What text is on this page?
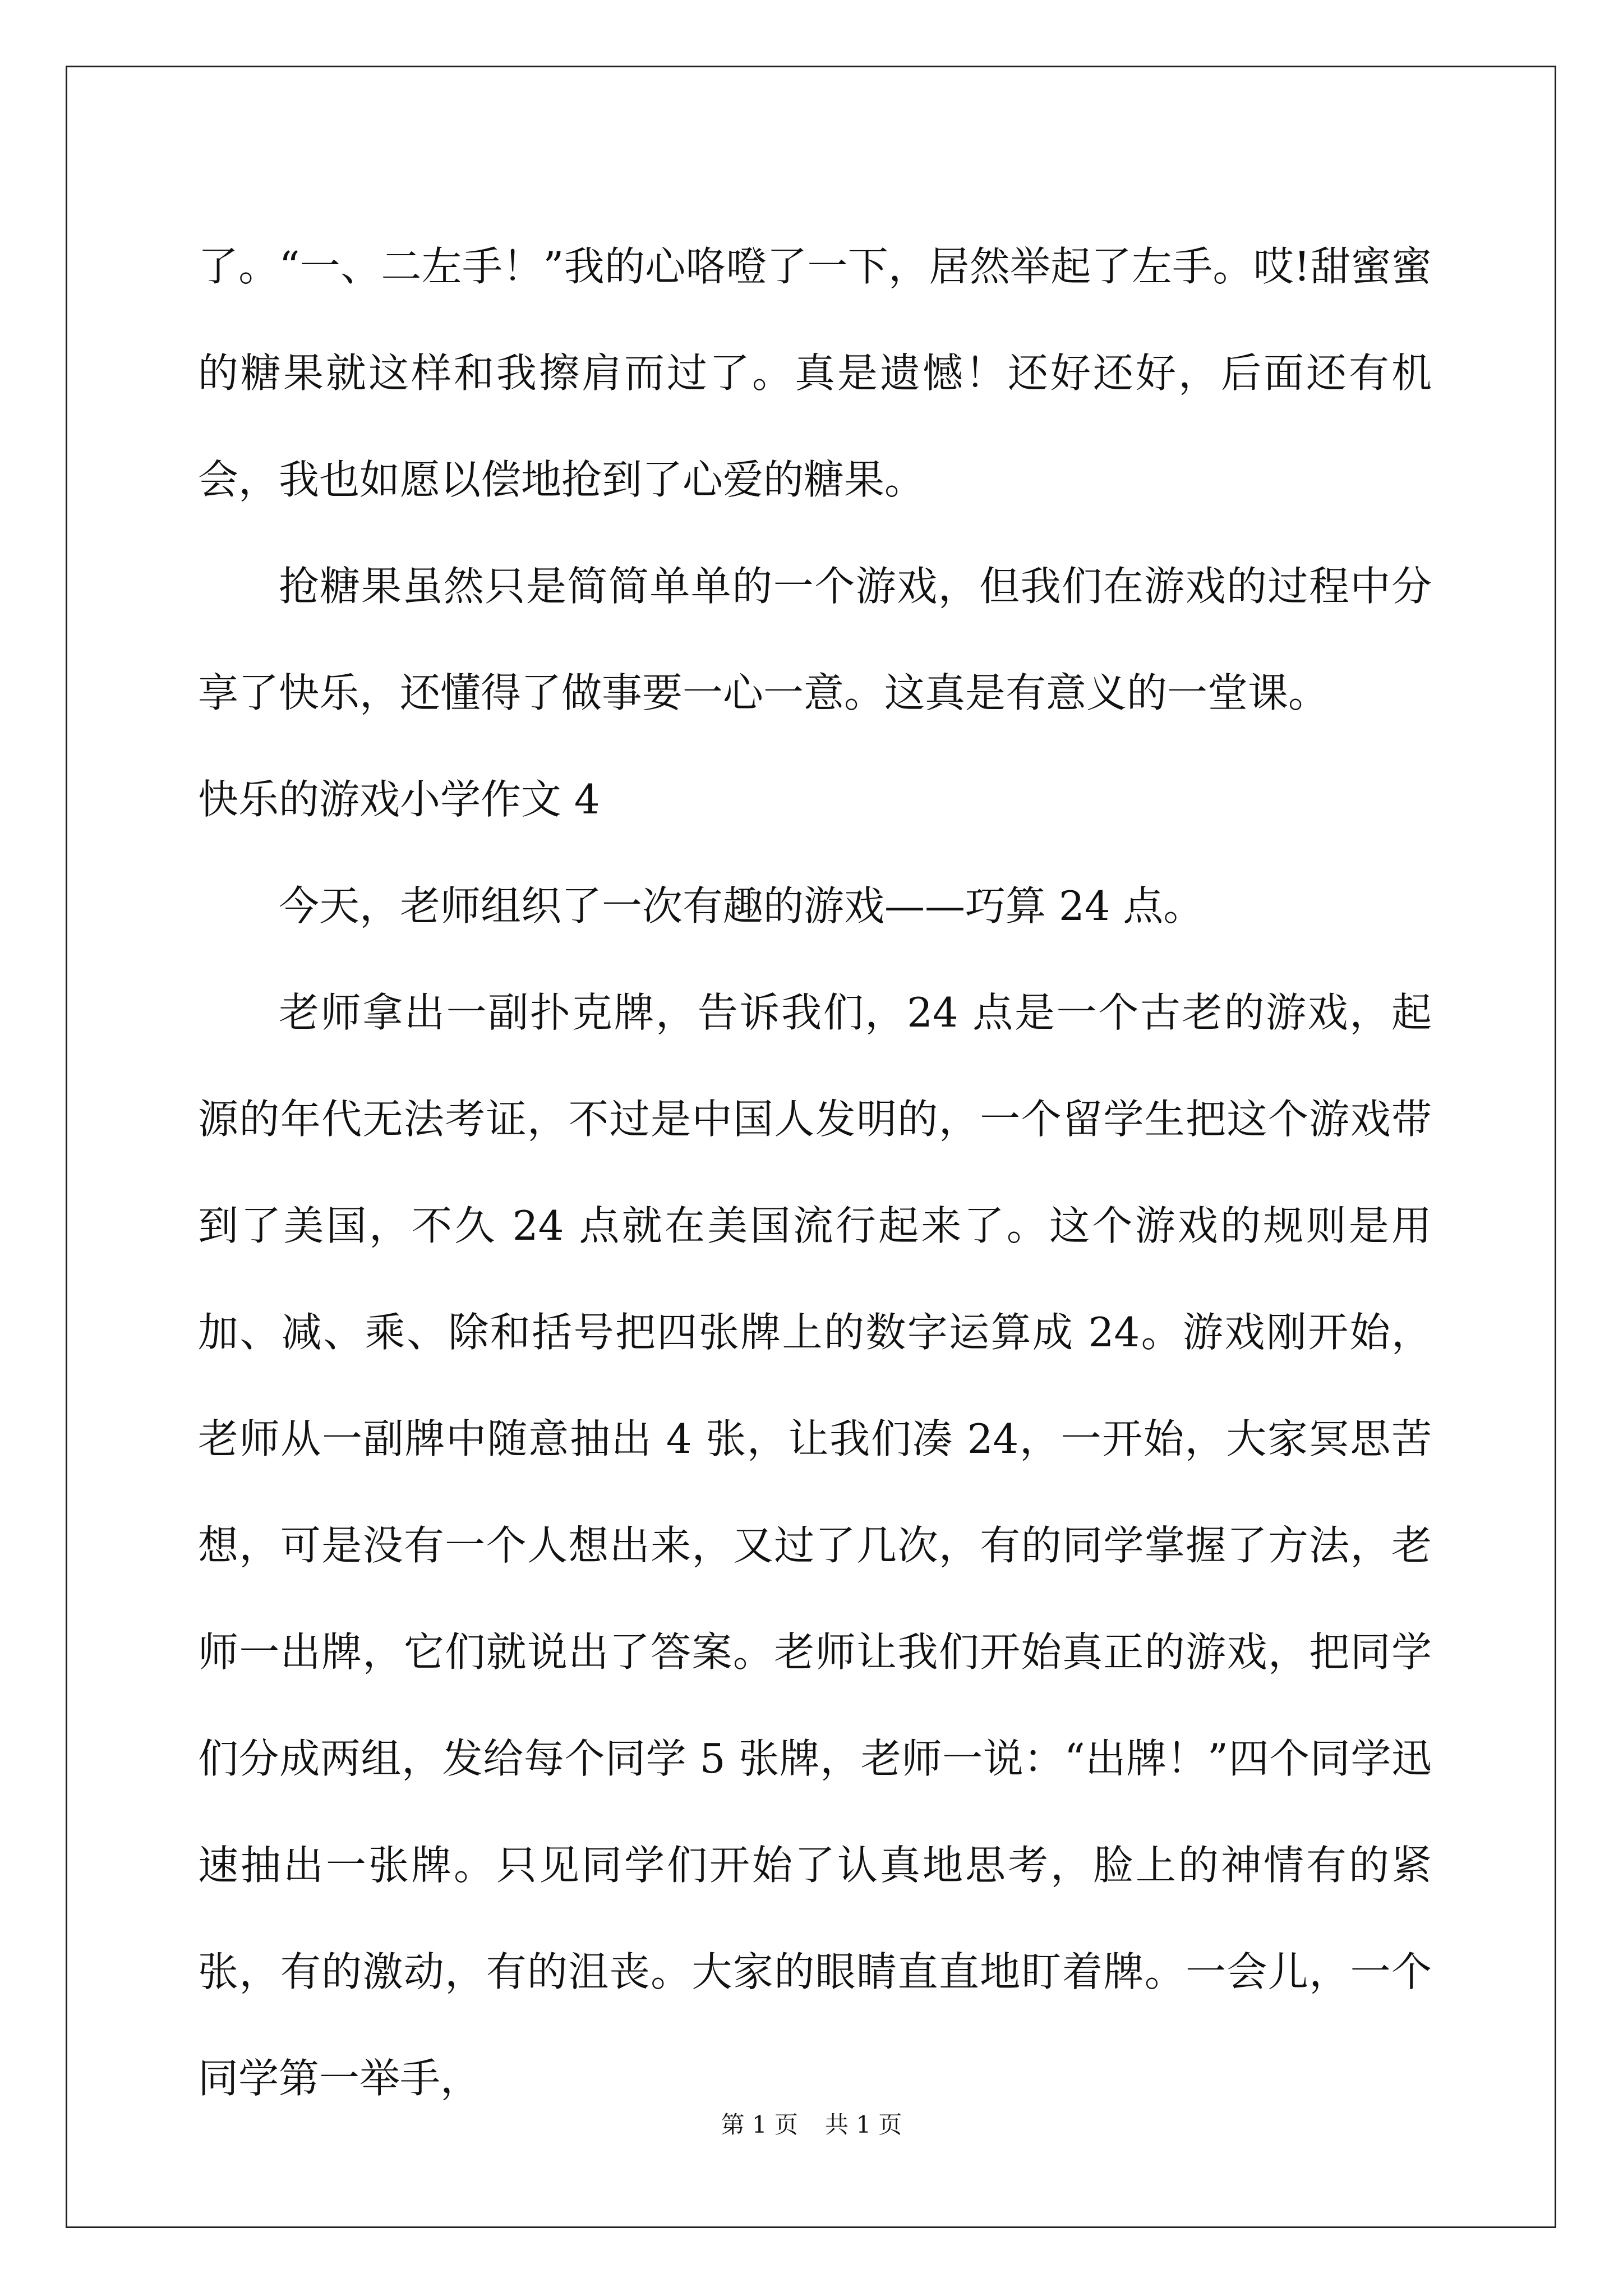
了。“一、二左手！”我的心咯噔了一下，居然举起了左手。哎!甜蜜蜜的糖果就这样和我擦肩而过了。真是遗憾！还好还好，后面还有机会，我也如愿以偿地抢到了心爱的糖果。

抢糖果虽然只是简简单单的一个游戏，但我们在游戏的过程中分享了快乐，还懂得了做事要一心一意。这真是有意义的一堂课。

快乐的游戏小学作文 4

今天，老师组织了一次有趣的游戏——巧算 24 点。

老师拿出一副扑克牌，告诉我们，24 点是一个古老的游戏，起源的年代无法考证，不过是中国人发明的，一个留学生把这个游戏带到了美国，不久 24 点就在美国流行起来了。这个游戏的规则是用加、减、乘、除和括号把四张牌上的数字运算成 24。游戏刚开始，老师从一副牌中随意抽出 4 张，让我们凑 24，一开始，大家冥思苦想，可是没有一个人想出来，又过了几次，有的同学掌握了方法，老师一出牌，它们就说出了答案。老师让我们开始真正的游戏，把同学们分成两组，发给每个同学 5 张牌，老师一说：“出牌！”四个同学迅速抽出一张牌。只见同学们开始了认真地思考，脸上的神情有的紧张，有的激动，有的沮丧。大家的眼睛直直地盯着牌。一会儿，一个同学第一举手，

第 1 页 共 1 页
